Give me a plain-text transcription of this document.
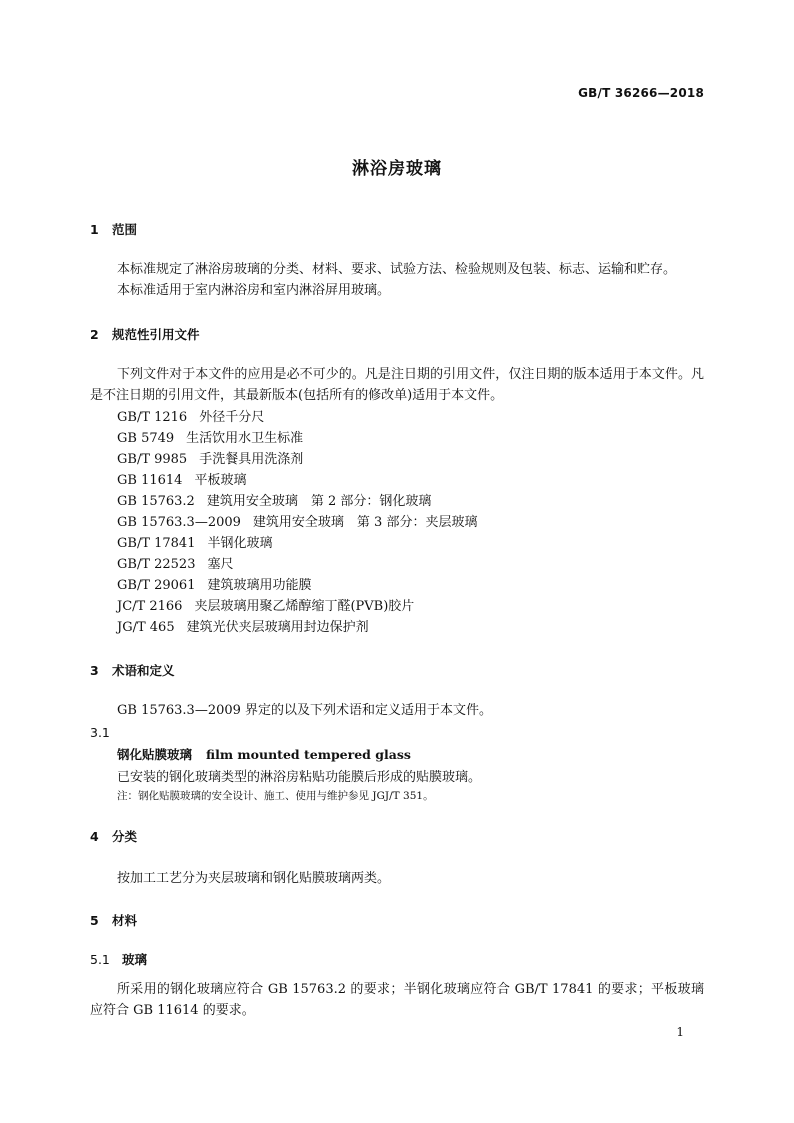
GB/T 36266—2018
淋浴房玻璃
1 范围
本标准规定了淋浴房玻璃的分类、材料、要求、试验方法、检验规则及包装、标志、运输和贮存。
本标准适用于室内淋浴房和室内淋浴屏用玻璃。
2 规范性引用文件
下列文件对于本文件的应用是必不可少的。凡是注日期的引用文件，仅注日期的版本适用于本文件。凡是不注日期的引用文件，其最新版本(包括所有的修改单)适用于本文件。
GB/T 1216 外径千分尺
GB 5749 生活饮用水卫生标准
GB/T 9985 手洗餐具用洗涤剂
GB 11614 平板玻璃
GB 15763.2 建筑用安全玻璃　第 2 部分：钢化玻璃
GB 15763.3—2009 建筑用安全玻璃　第 3 部分：夹层玻璃
GB/T 17841 半钢化玻璃
GB/T 22523 塞尺
GB/T 29061 建筑玻璃用功能膜
JC/T 2166 夹层玻璃用聚乙烯醇缩丁醛(PVB)胶片
JG/T 465 建筑光伏夹层玻璃用封边保护剂
3 术语和定义
GB 15763.3—2009 界定的以及下列术语和定义适用于本文件。
3.1
钢化贴膜玻璃 film mounted tempered glass
已安装的钢化玻璃类型的淋浴房粘贴功能膜后形成的贴膜玻璃。
注：钢化贴膜玻璃的安全设计、施工、使用与维护参见 JGJ/T 351。
4 分类
按加工工艺分为夹层玻璃和钢化贴膜玻璃两类。
5 材料
5.1 玻璃
所采用的钢化玻璃应符合 GB 15763.2 的要求；半钢化玻璃应符合 GB/T 17841 的要求；平板玻璃应符合 GB 11614 的要求。
1
